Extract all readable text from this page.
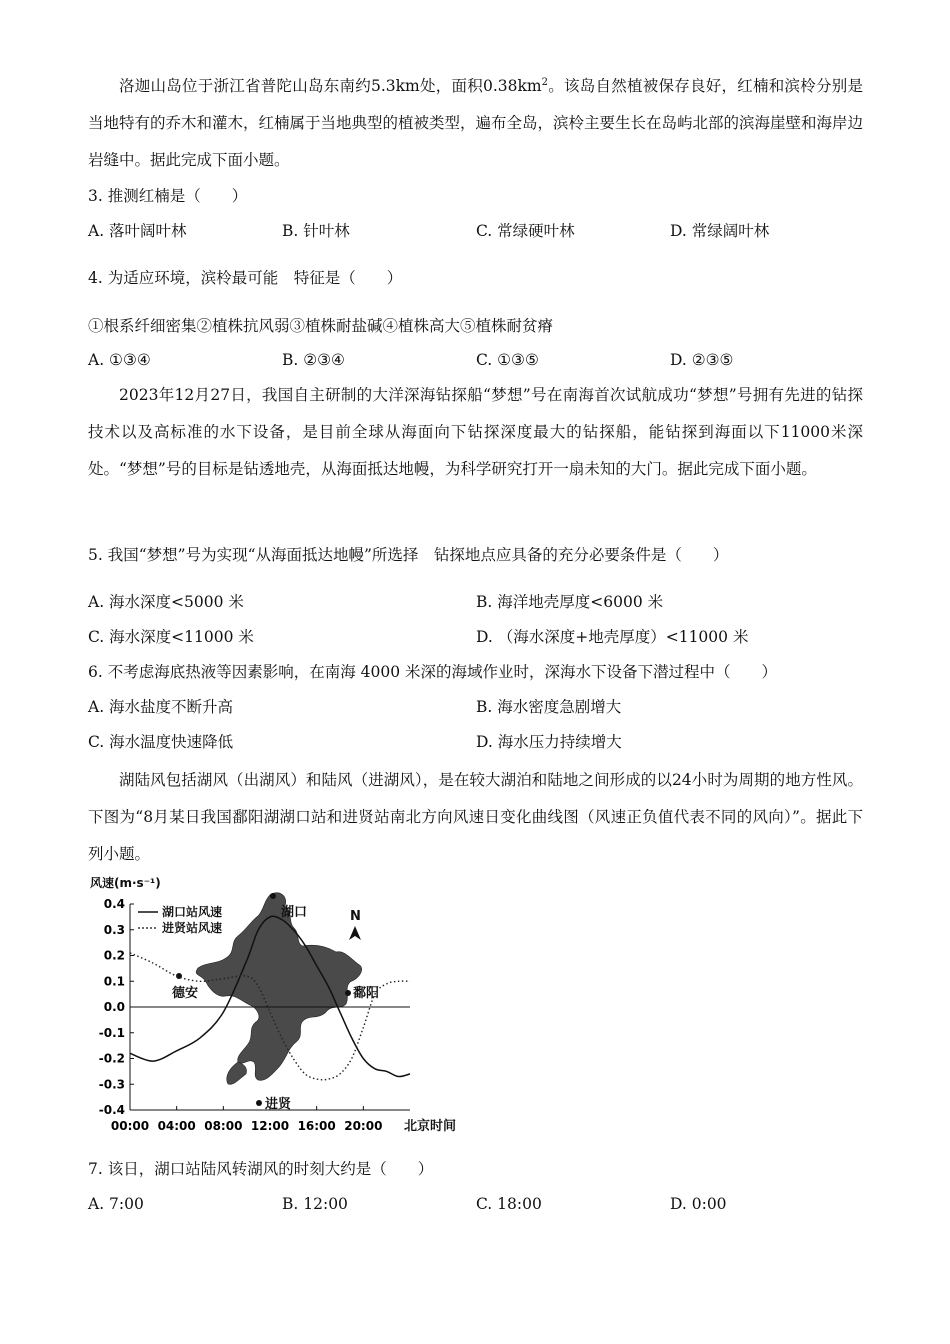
洛迦山岛位于浙江省普陀山岛东南约5.3km处，面积$0.38km^2$。该岛自然植被保存良好，红楠和滨柃分别是当地特有的乔木和灌木，红楠属于当地典型的植被类型，遍布全岛，滨柃主要生长在岛屿北部的滨海崖壁和海岸边岩缝中。据此完成下面小题。

3. 推测红楠是（　　）

A. 落叶阔叶林	B. 针叶林	C. 常绿硬叶林	D. 常绿阔叶林

4. 为适应环境，滨柃最可能　特征是（　　）

①根系纤细密集②植株抗风弱③植株耐盐碱④植株高大⑤植株耐贫瘠

A. ①③④	B. ②③④	C. ①③⑤	D. ②③⑤

2023年12月27日，我国自主研制的大洋深海钻探船“梦想”号在南海首次试航成功“梦想”号拥有先进的钻探技术以及高标准的水下设备，是目前全球从海面向下钻探深度最大的钻探船，能钻探到海面以下11000米深处。“梦想”号的目标是钻透地壳，从海面抵达地幔，为科学研究打开一扇未知的大门。据此完成下面小题。

5. 我国“梦想”号为实现“从海面抵达地幔”所选择　钻探地点应具备的充分必要条件是（　　）

A. 海水深度<5000 米	B. 海洋地壳厚度<6000 米

C. 海水深度<11000 米	D. （海水深度+地壳厚度）<11000 米

6. 不考虑海底热液等因素影响，在南海 4000 米深的海域作业时，深海水下设备下潜过程中（　　）

A. 海水盐度不断升高	B. 海水密度急剧增大

C. 海水温度快速降低	D. 海水压力持续增大

湖陆风包括湖风（出湖风）和陆风（进湖风），是在较大湖泊和陆地之间形成的以24小时为周期的地方性风。下图为“8月某日我国鄱阳湖湖口站和进贤站南北方向风速日变化曲线图（风速正负值代表不同的风向）”。据此下列小题。

湖口
德安	鄱阳
进贤
N
0.4
0.3
0.2
0.1
0.0
-0.1
-0.2
-0.3
-0.4
00:00 04:00 08:00 12:00 16:00 20:00
风速(m·s⁻¹)
北京时间
湖口站风速
进贤站风速

7. 该日，湖口站陆风转湖风的时刻大约是（　　）

A. 7:00	B. 12:00	C. 18:00	D. 0:00
